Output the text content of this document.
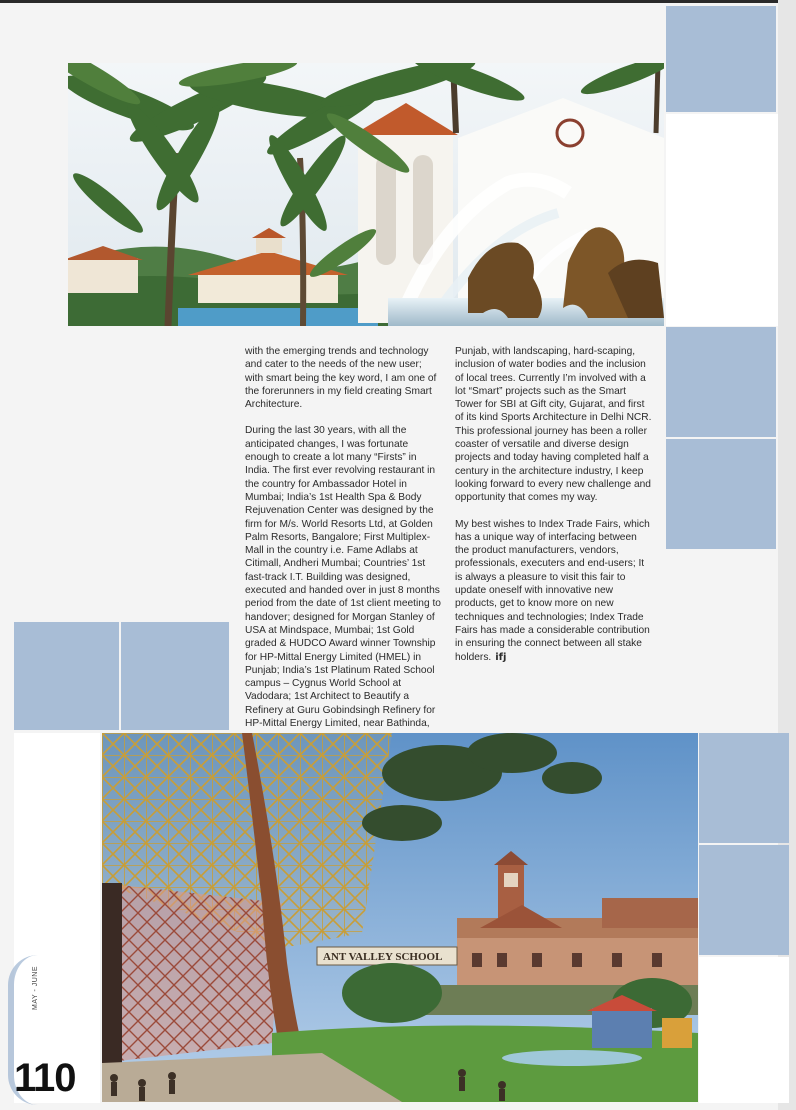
with the emerging trends and technology and cater to the needs of the new user; with smart being the key word, I am one of the forerunners in my field creating Smart Architecture.

During the last 30 years, with all the anticipated changes, I was fortunate enough to create a lot many “Firsts” in India. The first ever revolving restaurant in the country for Ambassador Hotel in Mumbai; India’s 1st Health Spa & Body Rejuvenation Center was designed by the firm for M/s. World Resorts Ltd, at Golden Palm Resorts, Bangalore; First Multiplex-Mall in the country i.e. Fame Adlabs at Citimall, Andheri Mumbai; Countries’ 1st fast-track I.T. Building was designed, executed and handed over in just 8 months period from the date of 1st client meeting to handover; designed for Morgan Stanley of USA at Mindspace, Mumbai; 1st Gold graded & HUDCO Award winner Township for HP-Mittal Energy Limited (HMEL) in Punjab; India’s 1st Platinum Rated School campus – Cygnus World School at Vadodara; 1st Architect to Beautify a Refinery at Guru Gobindsingh Refinery for HP-Mittal Energy Limited, near Bathinda,

Punjab, with landscaping, hard-scaping, inclusion of water bodies and the inclusion of local trees. Currently I’m involved with a lot “Smart” projects such as the Smart Tower for SBI at Gift city, Gujarat, and first of its kind Sports Architecture in Delhi NCR. This professional journey has been a roller coaster of versatile and diverse design projects and today having completed half a century in the architecture industry, I keep looking forward to every new challenge and opportunity that comes my way.

My best wishes to Index Trade Fairs, which has a unique way of interfacing between the product manufacturers, vendors, professionals, executers and end-users; It is always a pleasure to visit this fair to update oneself with innovative new products, get to know more on new techniques and technologies; Index Trade Fairs has made a considerable contribution in ensuring the connect between all stake holders. ifj

ANT VALLEY SCHOOL
MAY - JUNE
110
